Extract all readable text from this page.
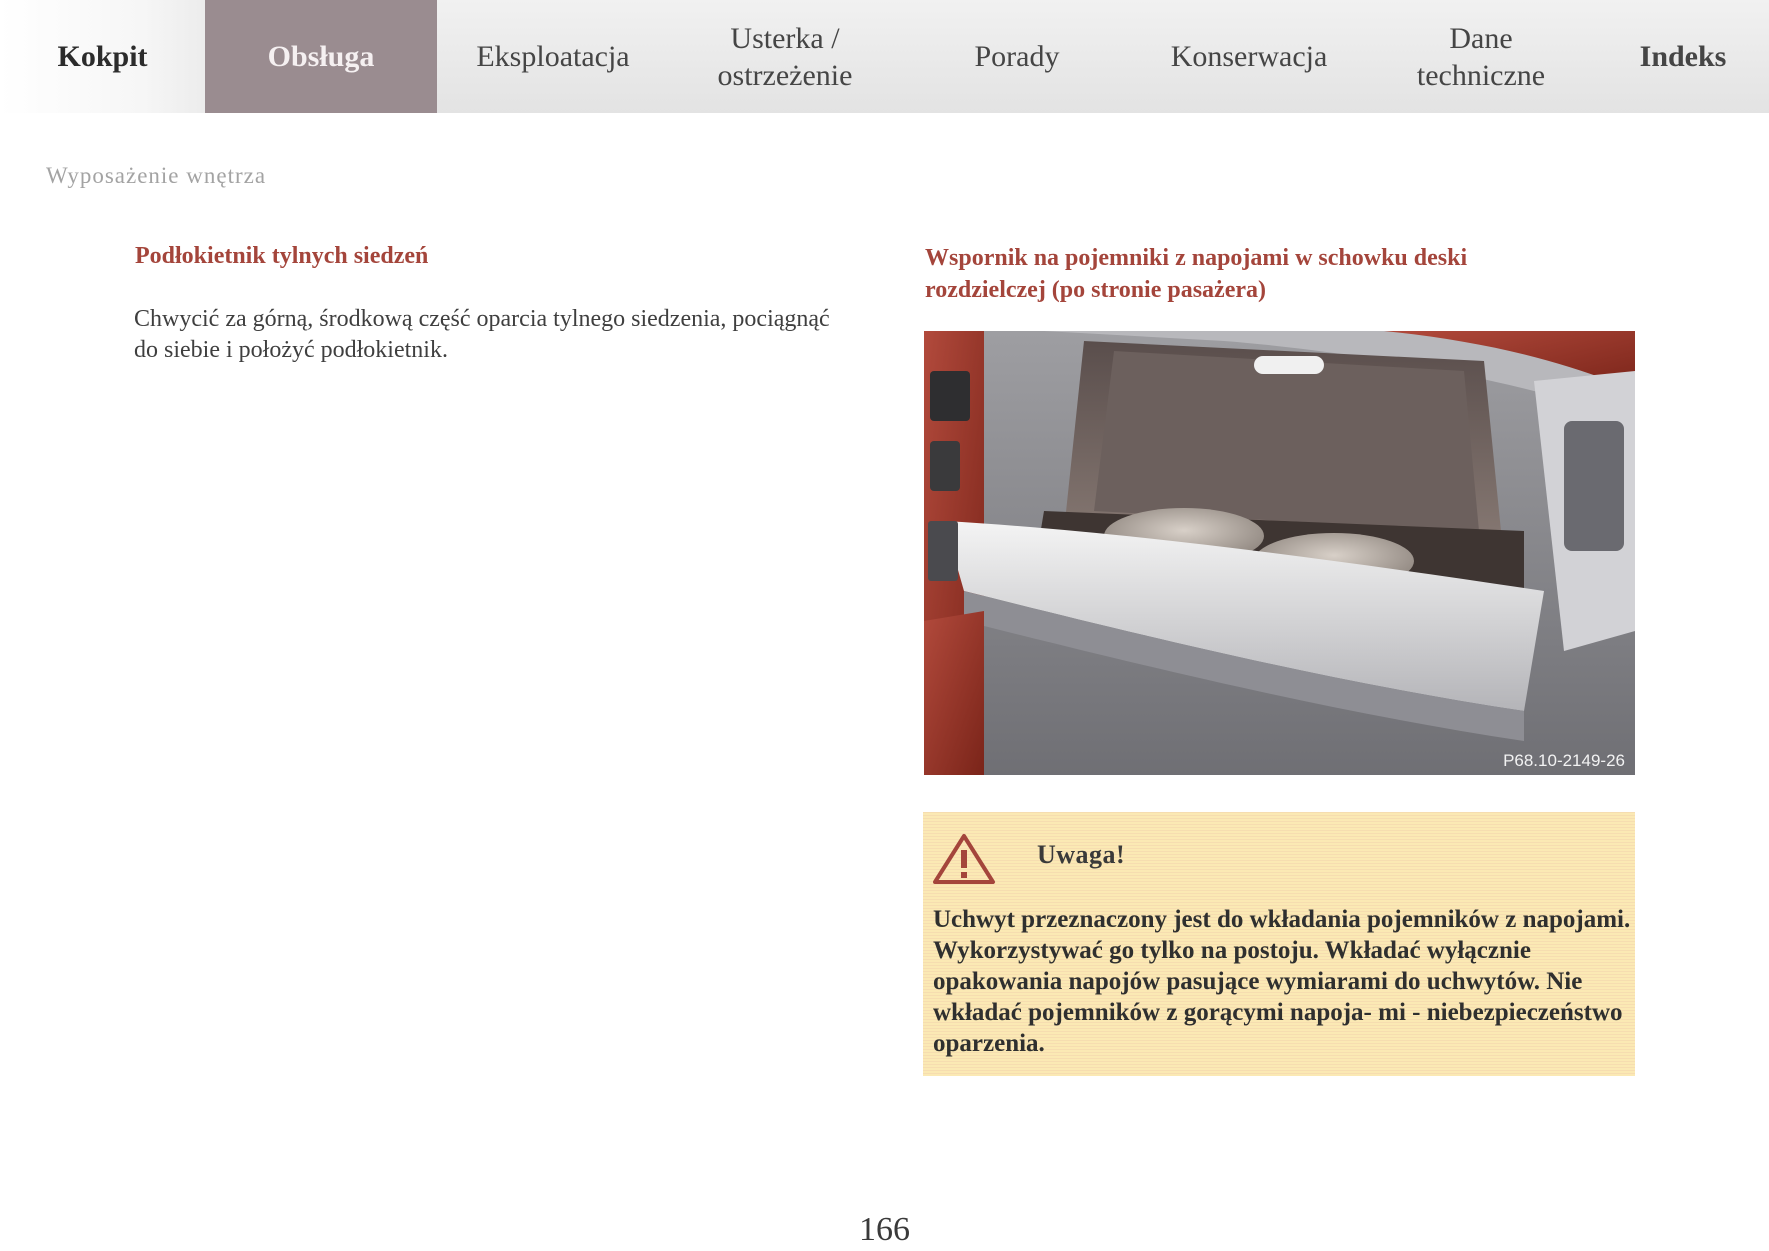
Kokpit	Obsługa	Eksploatacja
Usterka /
ostrzeżenie
Porady	Konserwacja
Dane
techniczne
Indeks
Wyposażenie wnętrza
Podłokietnik tylnych siedzeń
Chwycić za górną, środkową część oparcia tylnego siedzenia, pociągnąć do siebie i położyć podłokietnik.
Wspornik na pojemniki z napojami w schowku deski rozdzielczej (po stronie pasażera)
P68.10-2149-26
Uwaga!
Uchwyt przeznaczony jest do wkładania pojemników z napojami. Wykorzystywać go tylko na postoju. Wkładać wyłącznie opakowania napojów pasujące wymiarami do uchwytów. Nie wkładać pojemników z gorącymi napoja- mi - niebezpieczeństwo oparzenia.
166
